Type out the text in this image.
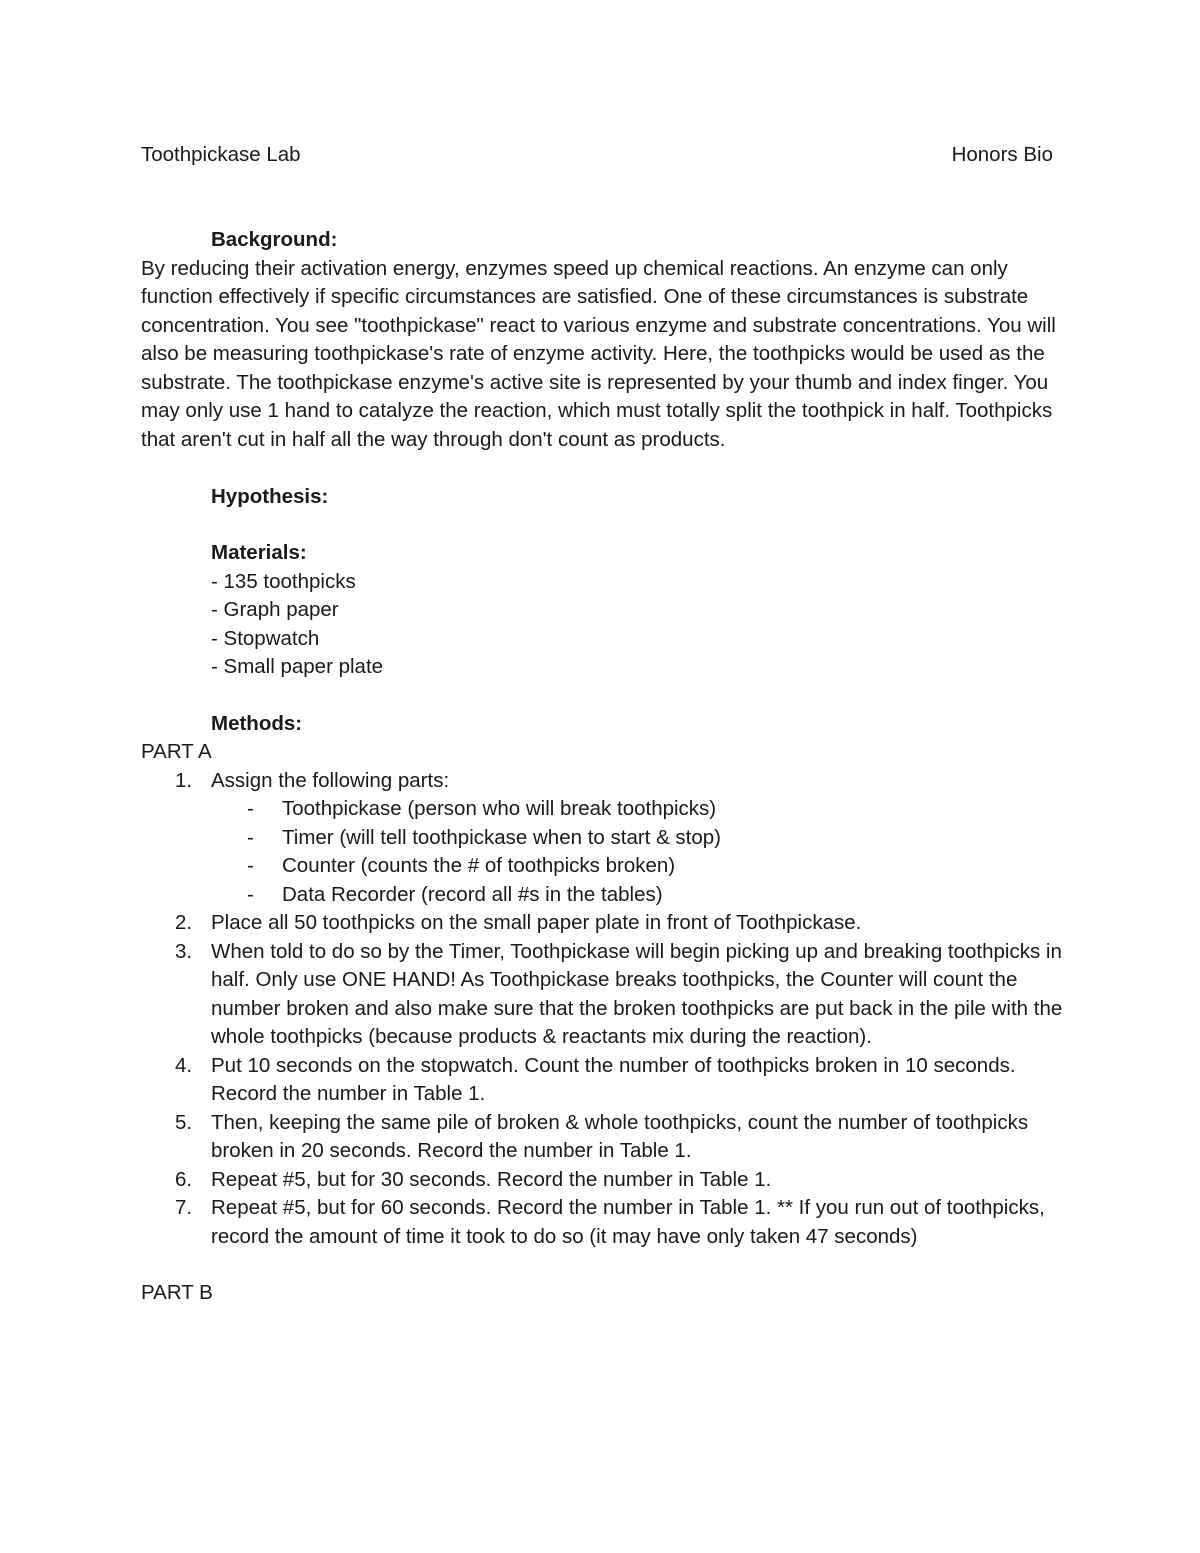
Toothpickase Lab	Honors Bio
Background:

By reducing their activation energy, enzymes speed up chemical reactions. An enzyme can only function effectively if specific circumstances are satisfied. One of these circumstances is substrate concentration. You see "toothpickase" react to various enzyme and substrate concentrations. You will also be measuring toothpickase's rate of enzyme activity. Here, the toothpicks would be used as the substrate. The toothpickase enzyme's active site is represented by your thumb and index finger. You may only use 1 hand to catalyze the reaction, which must totally split the toothpick in half. Toothpicks that aren't cut in half all the way through don't count as products.

Hypothesis:
Materials:
- 135 toothpicks
- Graph paper
- Stopwatch
- Small paper plate
Methods:
PART A
1. Assign the following parts:
- Toothpickase (person who will break toothpicks)
- Timer (will tell toothpickase when to start & stop)
- Counter (counts the # of toothpicks broken)
- Data Recorder (record all #s in the tables)
2. Place all 50 toothpicks on the small paper plate in front of Toothpickase.
3. When told to do so by the Timer, Toothpickase will begin picking up and breaking toothpicks in half. Only use ONE HAND! As Toothpickase breaks toothpicks, the Counter will count the number broken and also make sure that the broken toothpicks are put back in the pile with the whole toothpicks (because products & reactants mix during the reaction).
4. Put 10 seconds on the stopwatch. Count the number of toothpicks broken in 10 seconds. Record the number in Table 1.
5. Then, keeping the same pile of broken & whole toothpicks, count the number of toothpicks broken in 20 seconds. Record the number in Table 1.
6. Repeat #5, but for 30 seconds. Record the number in Table 1.
7. Repeat #5, but for 60 seconds. Record the number in Table 1. ** If you run out of toothpicks, record the amount of time it took to do so (it may have only taken 47 seconds)
PART B
